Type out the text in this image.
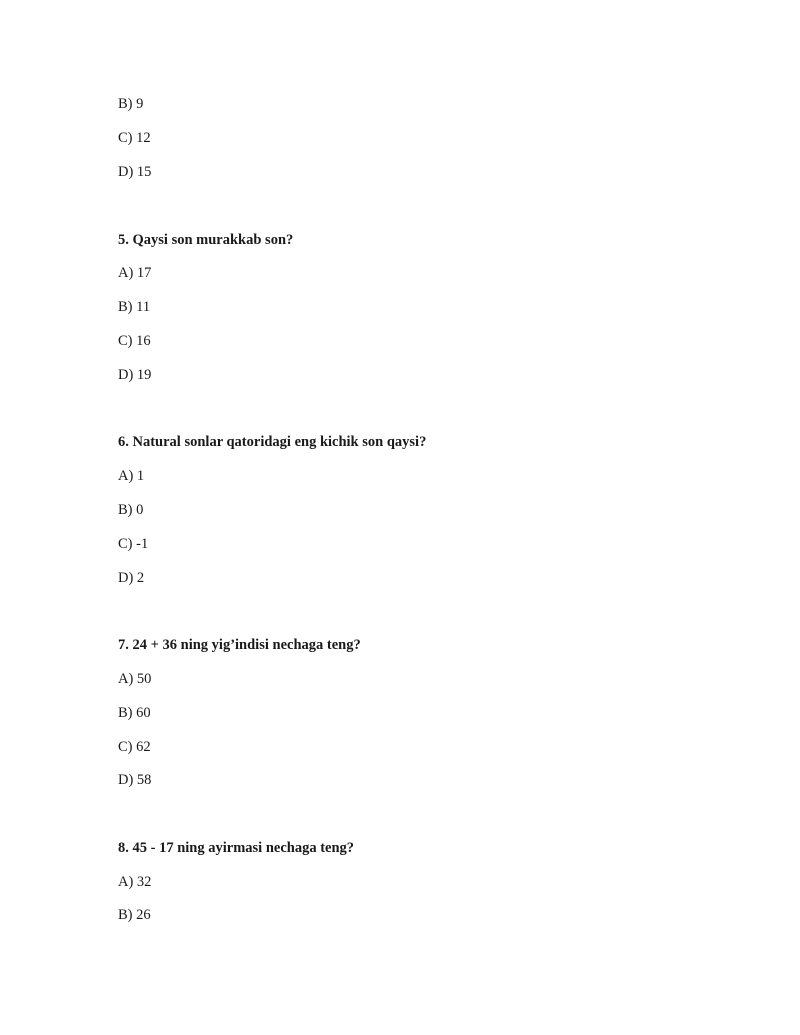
B) 9
C) 12
D) 15
5. Qaysi son murakkab son?
A) 17
B) 11
C) 16
D) 19
6. Natural sonlar qatoridagi eng kichik son qaysi?
A) 1
B) 0
C) -1
D) 2
7. 24 + 36 ning yig’indisi nechaga teng?
A) 50
B) 60
C) 62
D) 58
8. 45 - 17 ning ayirmasi nechaga teng?
A) 32
B) 26
